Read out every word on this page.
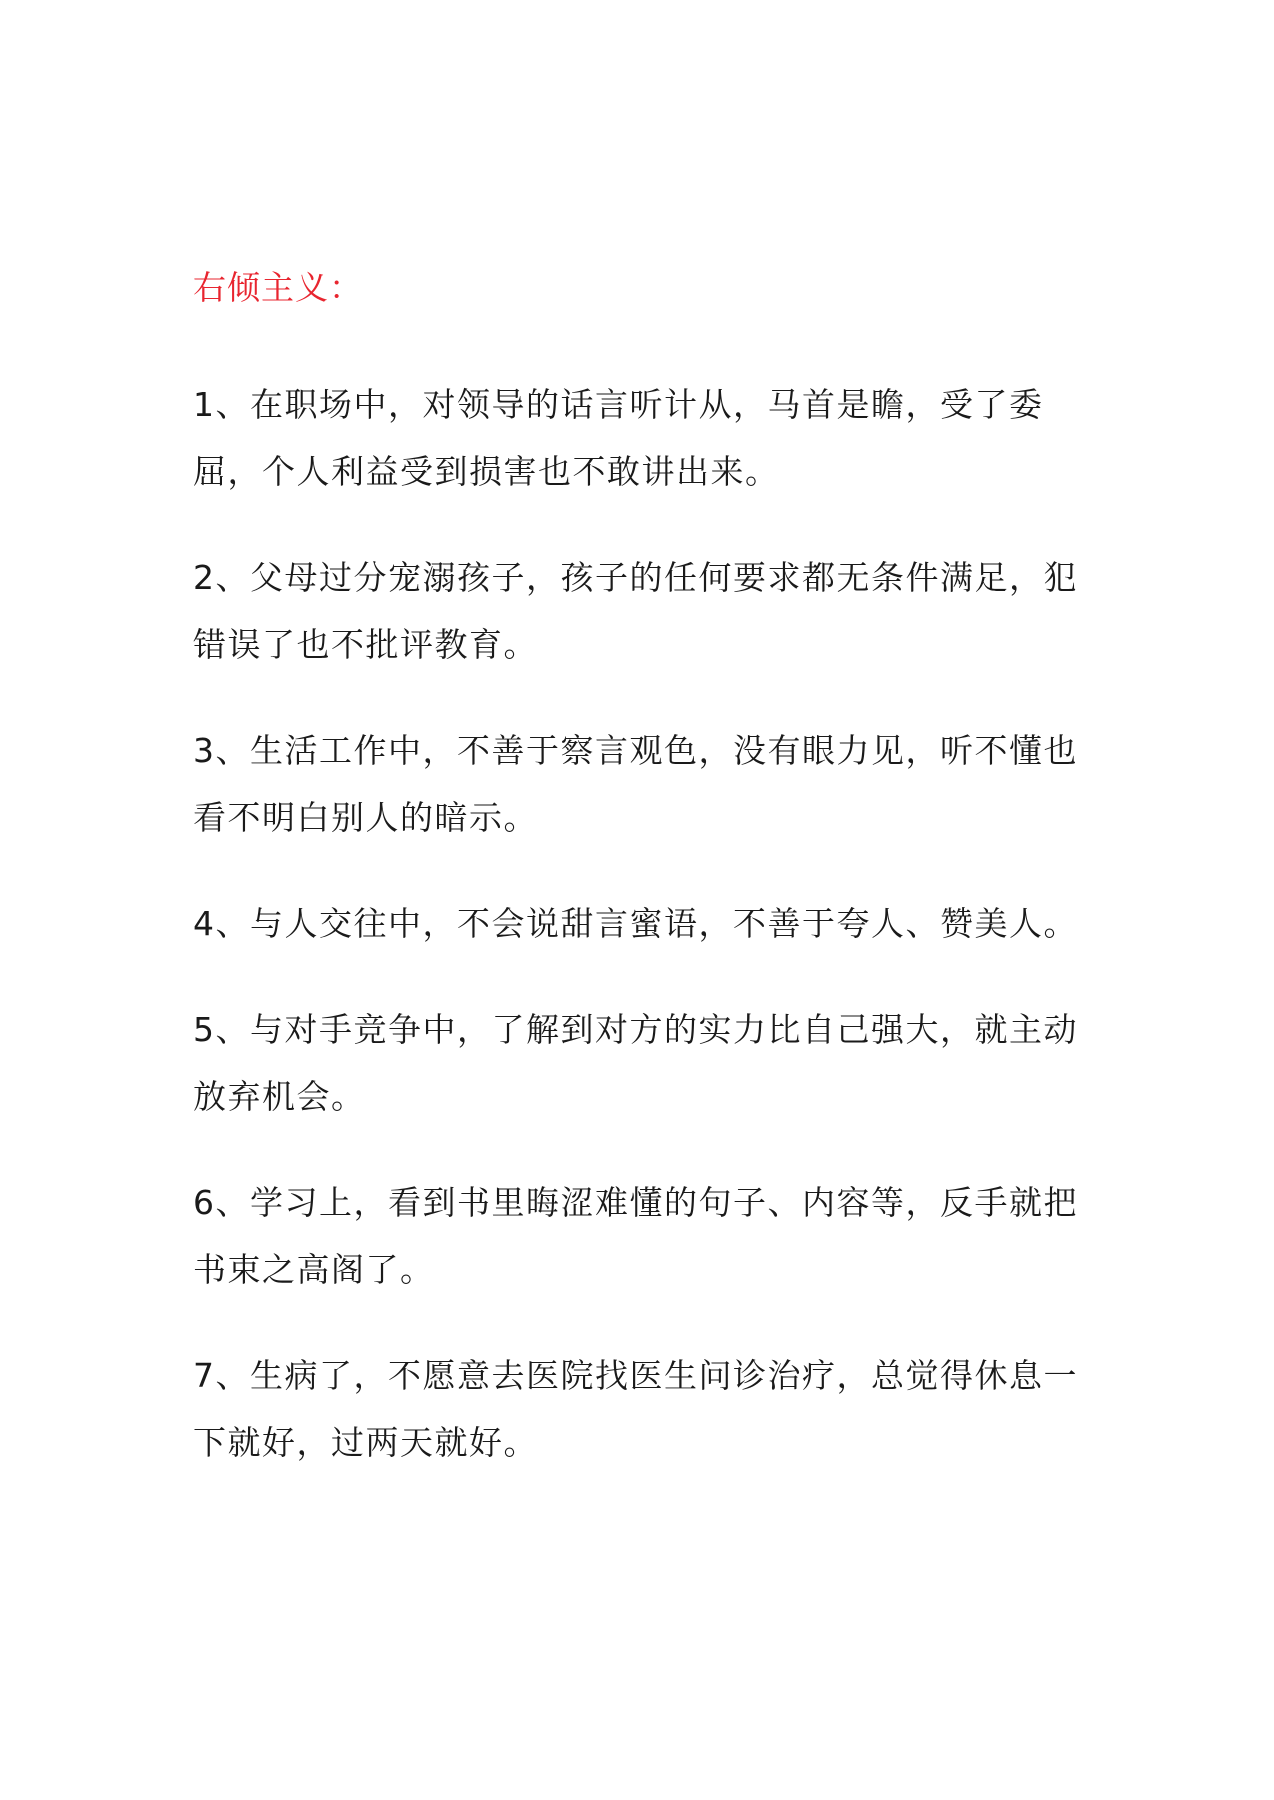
右倾主义：
1、在职场中，对领导的话言听计从，马首是瞻，受了委屈，个人利益受到损害也不敢讲出来。
2、父母过分宠溺孩子，孩子的任何要求都无条件满足，犯错误了也不批评教育。
3、生活工作中，不善于察言观色，没有眼力见，听不懂也看不明白别人的暗示。
4、与人交往中，不会说甜言蜜语，不善于夸人、赞美人。
5、与对手竞争中，了解到对方的实力比自己强大，就主动放弃机会。
6、学习上，看到书里晦涩难懂的句子、内容等，反手就把书束之高阁了。
7、生病了，不愿意去医院找医生问诊治疗，总觉得休息一下就好，过两天就好。
